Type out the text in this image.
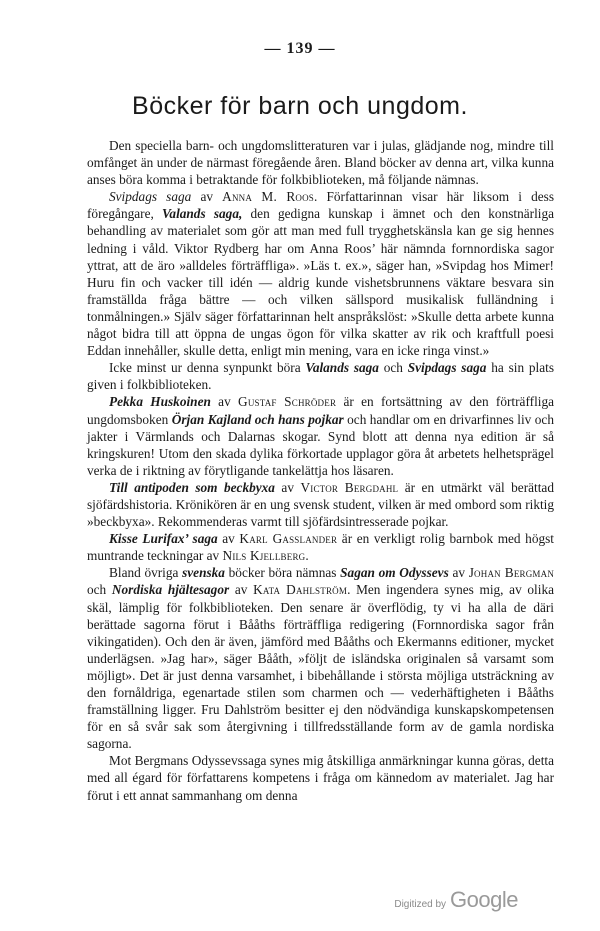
— 139 —
Böcker för barn och ungdom.

Den speciella barn- och ungdomslitteraturen var i julas, glädjande nog, mindre till omfånget än under de närmast föregående åren. Bland böcker av denna art, vilka kunna anses böra komma i betraktande för folkbiblioteken, må följande nämnas.

Svipdags saga av Anna M. Roos. Författarinnan visar här liksom i dess föregångare, Valands saga, den gedigna kunskap i ämnet och den konstnärliga behandling av materialet som gör att man med full trygghetskänsla kan ge sig hennes ledning i våld. Viktor Rydberg har om Anna Roos’ här nämnda fornnordiska sagor yttrat, att de äro »alldeles förträffliga». »Läs t. ex.», säger han, »Svipdag hos Mimer! Huru fin och vacker till idén — aldrig kunde vishetsbrunnens väktare besvara sin framställda fråga bättre — och vilken sällspord musikalisk fulländning i tonmålningen.» Själv säger författarinnan helt anspråkslöst: »Skulle detta arbete kunna något bidra till att öppna de ungas ögon för vilka skatter av rik och kraftfull poesi Eddan innehåller, skulle detta, enligt min mening, vara en icke ringa vinst.»

Icke minst ur denna synpunkt böra Valands saga och Svipdags saga ha sin plats given i folkbiblioteken.

Pekka Huskoinen av Gustaf Schröder är en fortsättning av den förträffliga ungdomsboken Örjan Kajland och hans pojkar och handlar om en drivarfinnes liv och jakter i Värmlands och Dalarnas skogar. Synd blott att denna nya edition är så kringskuren! Utom den skada dylika förkortade upplagor göra åt arbetets helhetsprägel verka de i riktning av förytligande tankelättja hos läsaren.

Till antipoden som beckbyxa av Victor Bergdahl är en utmärkt väl berättad sjöfärdshistoria. Krönikören är en ung svensk student, vilken är med ombord som riktig »beckbyxa». Rekommenderas varmt till sjöfärdsintresserade pojkar.

Kisse Lurifax’ saga av Karl Gasslander är en verkligt rolig barnbok med högst muntrande teckningar av Nils Kjellberg.

Bland övriga svenska böcker böra nämnas Sagan om Odyssevs av Johan Bergman och Nordiska hjältesagor av Kata Dahlström. Men ingendera synes mig, av olika skäl, lämplig för folkbiblioteken. Den senare är överflödig, ty vi ha alla de däri berättade sagorna förut i Bååths förträffliga redigering (Fornnordiska sagor från vikingatiden). Och den är även, jämförd med Bååths och Ekermanns editioner, mycket underlägsen. »Jag har», säger Bååth, »följt de isländska originalen så varsamt som möjligt». Det är just denna varsamhet, i bibehållande i största möjliga utsträckning av den fornåldriga, egenartade stilen som charmen och — vederhäftigheten i Bååths framställning ligger. Fru Dahlström besitter ej den nödvändiga kunskapskompetensen för en så svår sak som återgivning i tillfredsställande form av de gamla nordiska sagorna.

Mot Bergmans Odyssevssaga synes mig åtskilliga anmärkningar kunna göras, detta med all égard för författarens kompetens i fråga om kännedom av materialet. Jag har förut i ett annat sammanhang om denna

Digitized by Google
